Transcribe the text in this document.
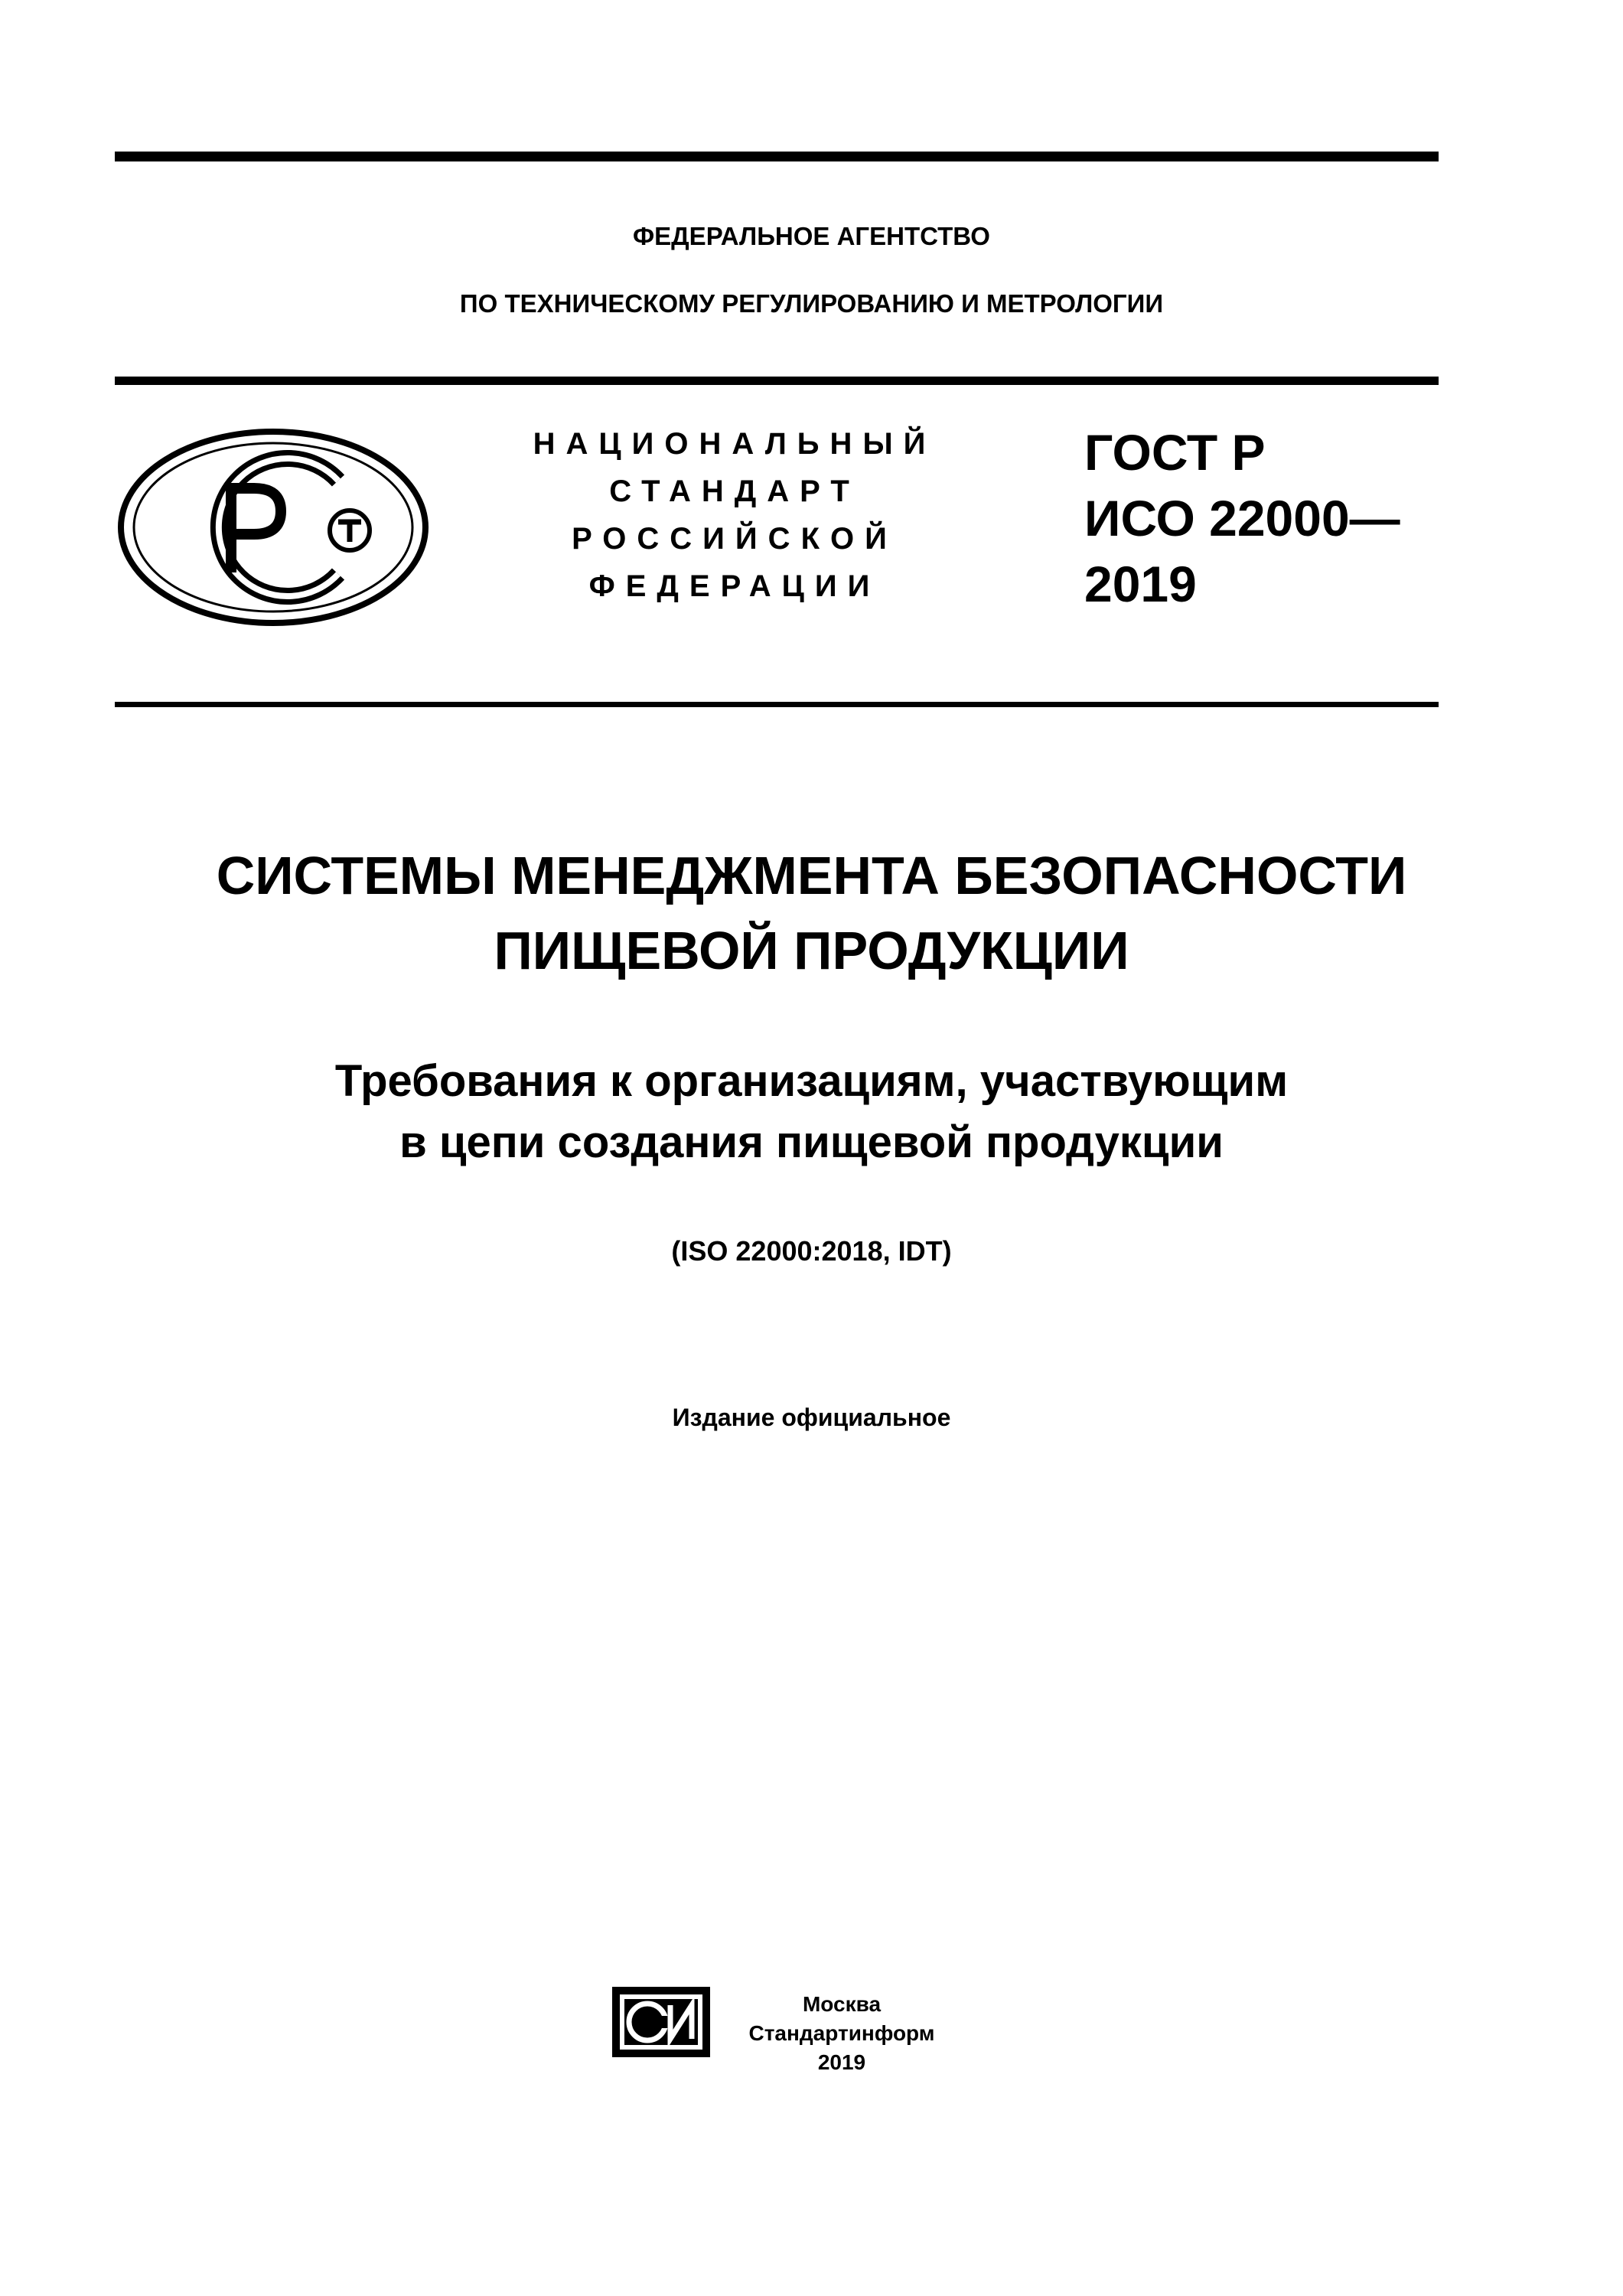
ФЕДЕРАЛЬНОЕ АГЕНТСТВО
ПО ТЕХНИЧЕСКОМУ РЕГУЛИРОВАНИЮ И МЕТРОЛОГИИ
НАЦИОНАЛЬНЫЙ
СТАНДАРТ
РОССИЙСКОЙ
ФЕДЕРАЦИИ
ГОСТ Р
ИСО 22000—
2019
СИСТЕМЫ МЕНЕДЖМЕНТА БЕЗОПАСНОСТИ
ПИЩЕВОЙ ПРОДУКЦИИ
Требования к организациям, участвующим
в цепи создания пищевой продукции
(ISO 22000:2018, IDT)
Издание официальное
Москва
Стандартинформ
2019
